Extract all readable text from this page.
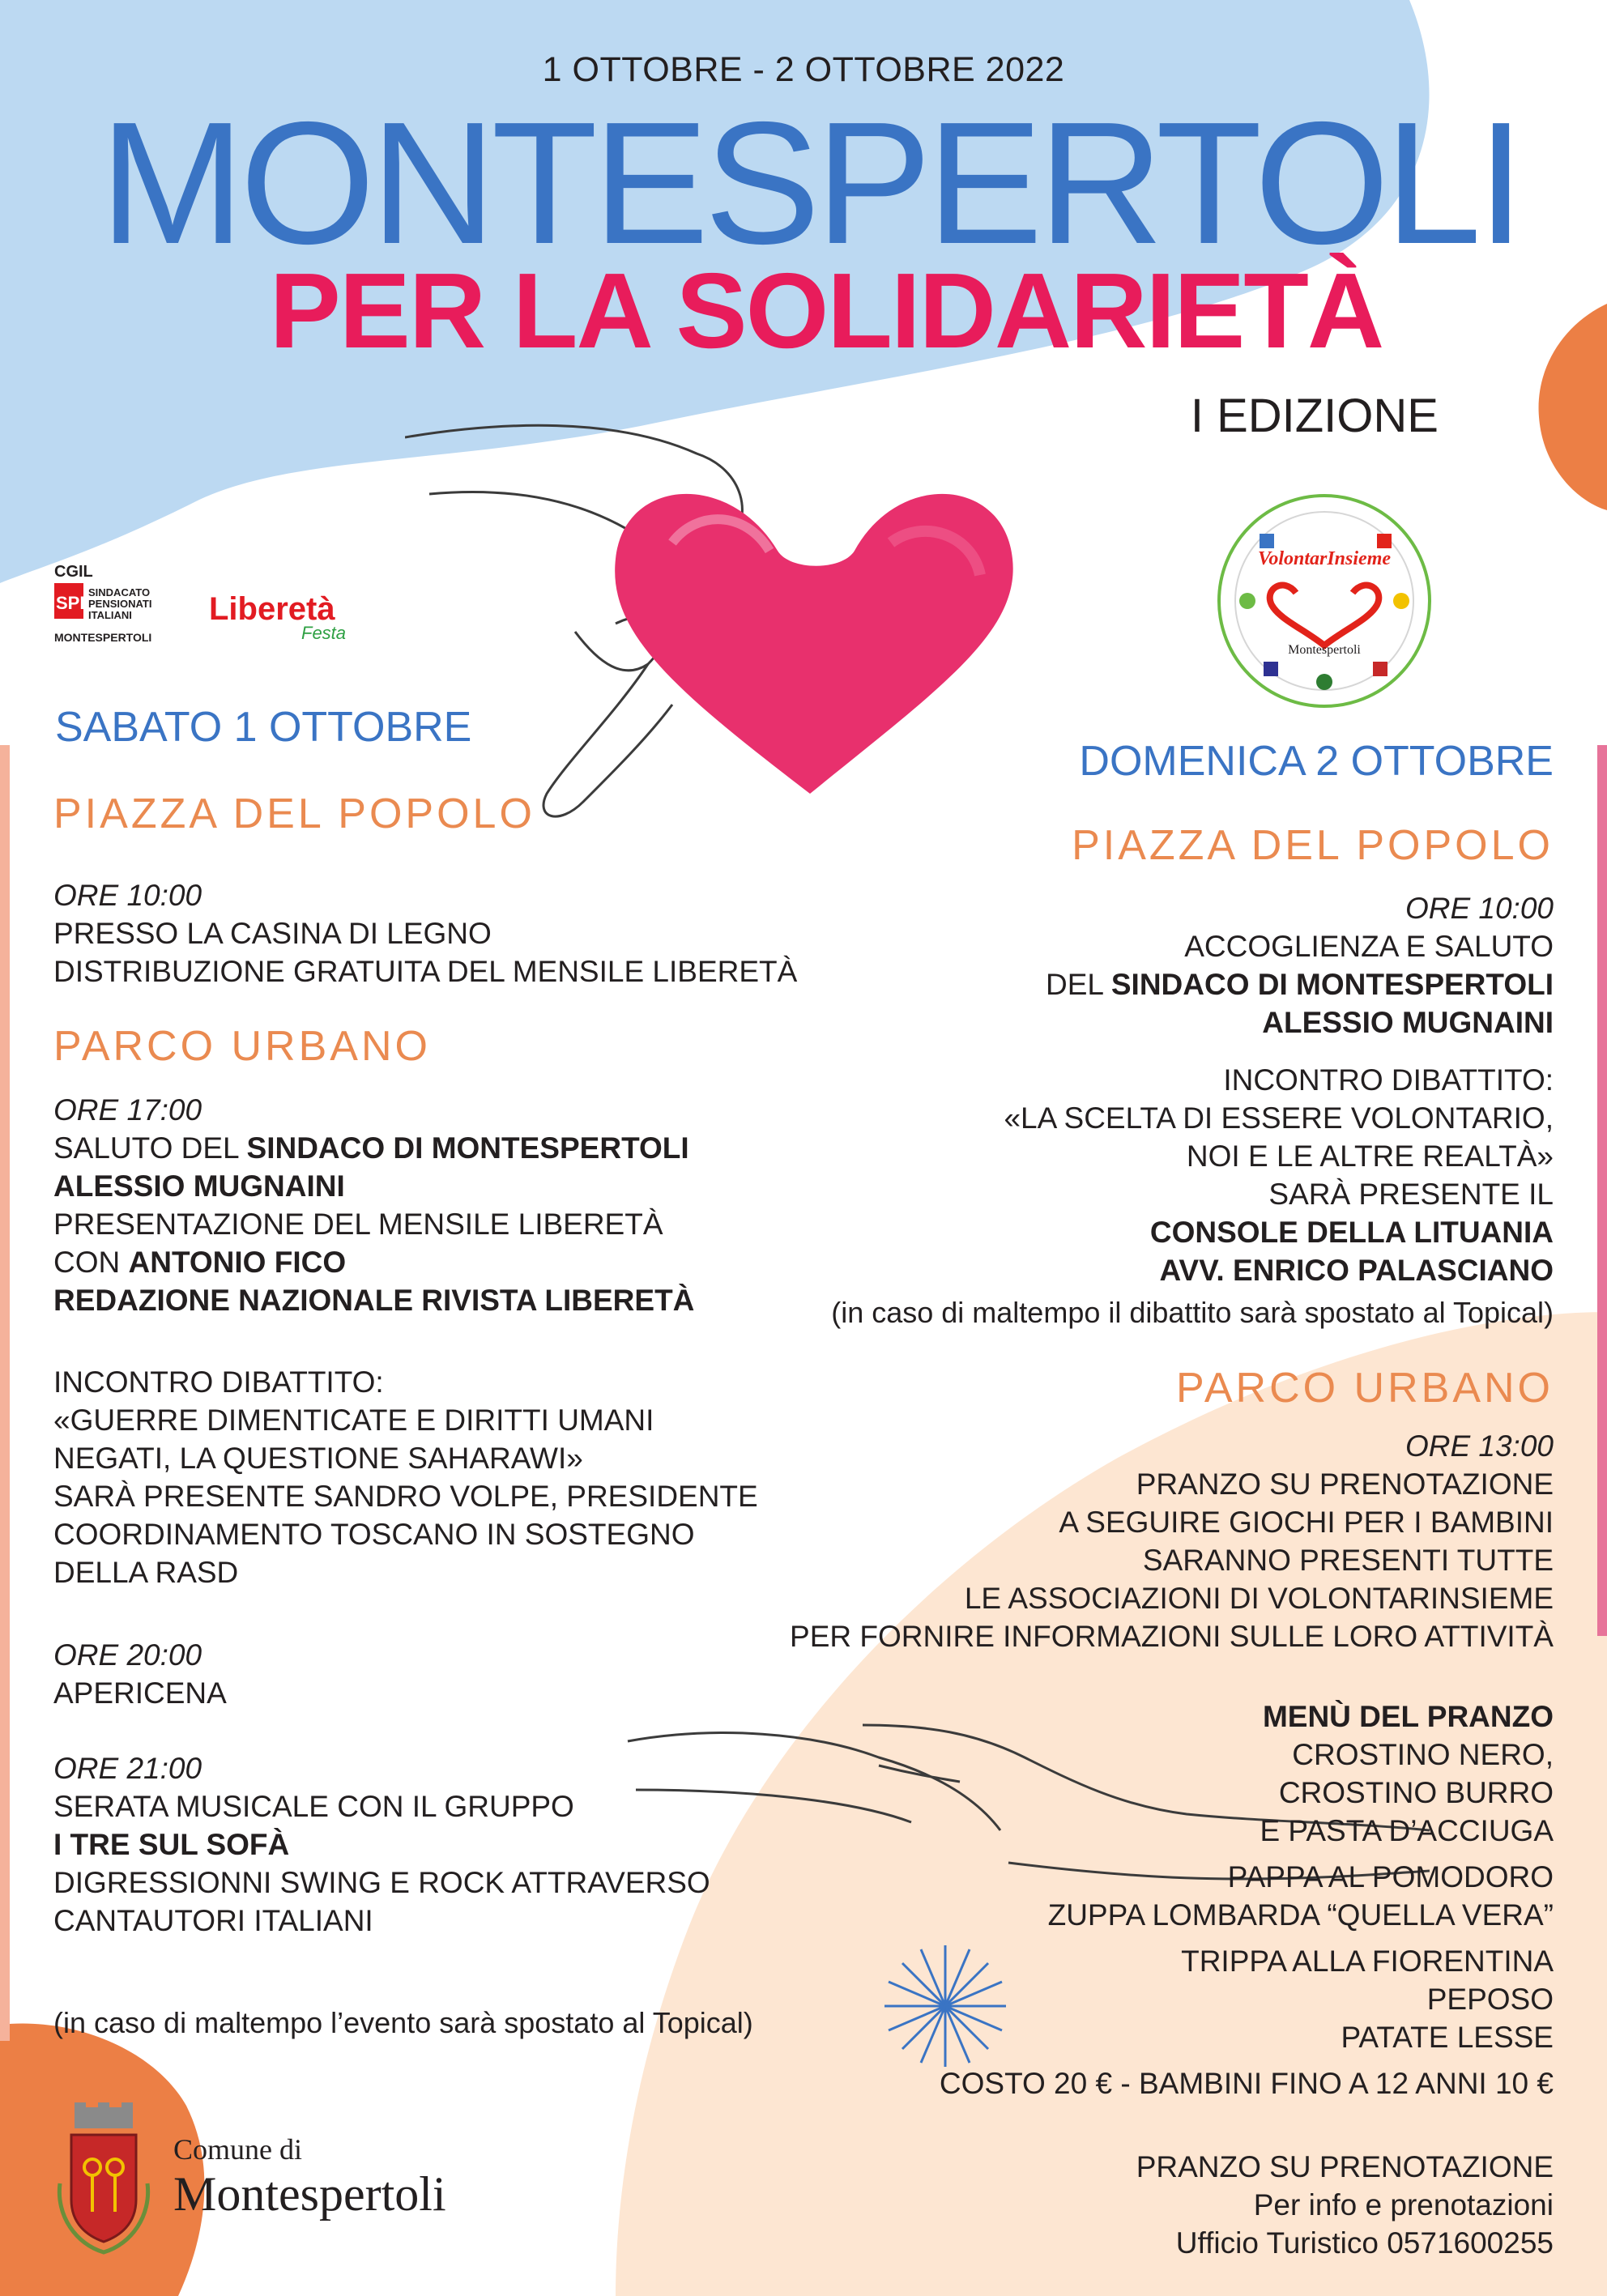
1 OTTOBRE - 2 OTTOBRE 2022
MONTESPERTOLI
PER LA SOLIDARIETÀ
I EDIZIONE
CGIL
SPI
SINDACATO
PENSIONATI
ITALIANI
MONTESPERTOLI
Liberetà
Festa
VolontarInsieme
Montespertoli
SABATO 1 OTTOBRE
PIAZZA DEL POPOLO
ORE 10:00
PRESSO LA CASINA DI LEGNO
DISTRIBUZIONE GRATUITA DEL MENSILE LIBERETÀ
PARCO URBANO
ORE 17:00
SALUTO DEL SINDACO DI MONTESPERTOLI
ALESSIO MUGNAINI
PRESENTAZIONE DEL MENSILE LIBERETÀ
CON ANTONIO FICO
REDAZIONE NAZIONALE RIVISTA LIBERETÀ
INCONTRO DIBATTITO:
«GUERRE DIMENTICATE E DIRITTI UMANI
NEGATI, LA QUESTIONE SAHARAWI»
SARÀ PRESENTE SANDRO VOLPE, PRESIDENTE
COORDINAMENTO TOSCANO IN SOSTEGNO
DELLA RASD
ORE 20:00
APERICENA
ORE 21:00
SERATA MUSICALE CON IL GRUPPO
I TRE SUL SOFÀ
DIGRESSIONNI SWING E ROCK ATTRAVERSO
CANTAUTORI ITALIANI
(in caso di maltempo l’evento sarà spostato al Topical)
DOMENICA 2 OTTOBRE
PIAZZA DEL POPOLO
ORE 10:00
ACCOGLIENZA E SALUTO
DEL SINDACO DI MONTESPERTOLI
ALESSIO MUGNAINI
INCONTRO DIBATTITO:
«LA SCELTA DI ESSERE VOLONTARIO,
NOI E LE ALTRE REALTÀ»
SARÀ PRESENTE IL
CONSOLE DELLA LITUANIA
AVV. ENRICO PALASCIANO
(in caso di maltempo il dibattito sarà spostato al Topical)
PARCO URBANO
ORE 13:00
PRANZO SU PRENOTAZIONE
A SEGUIRE GIOCHI PER I BAMBINI
SARANNO PRESENTI TUTTE
LE ASSOCIAZIONI DI VOLONTARINSIEME
PER FORNIRE INFORMAZIONI SULLE LORO ATTIVITÀ
MENÙ DEL PRANZO
CROSTINO NERO,
CROSTINO BURRO
E PASTA D’ACCIUGA
PAPPA AL POMODORO
ZUPPA LOMBARDA “QUELLA VERA”
TRIPPA ALLA FIORENTINA
PEPOSO
PATATE LESSE
COSTO 20 € - BAMBINI FINO A 12 ANNI 10 €
PRANZO SU PRENOTAZIONE
Per info e prenotazioni
Ufficio Turistico 0571600255
Comune di
Montespertoli
